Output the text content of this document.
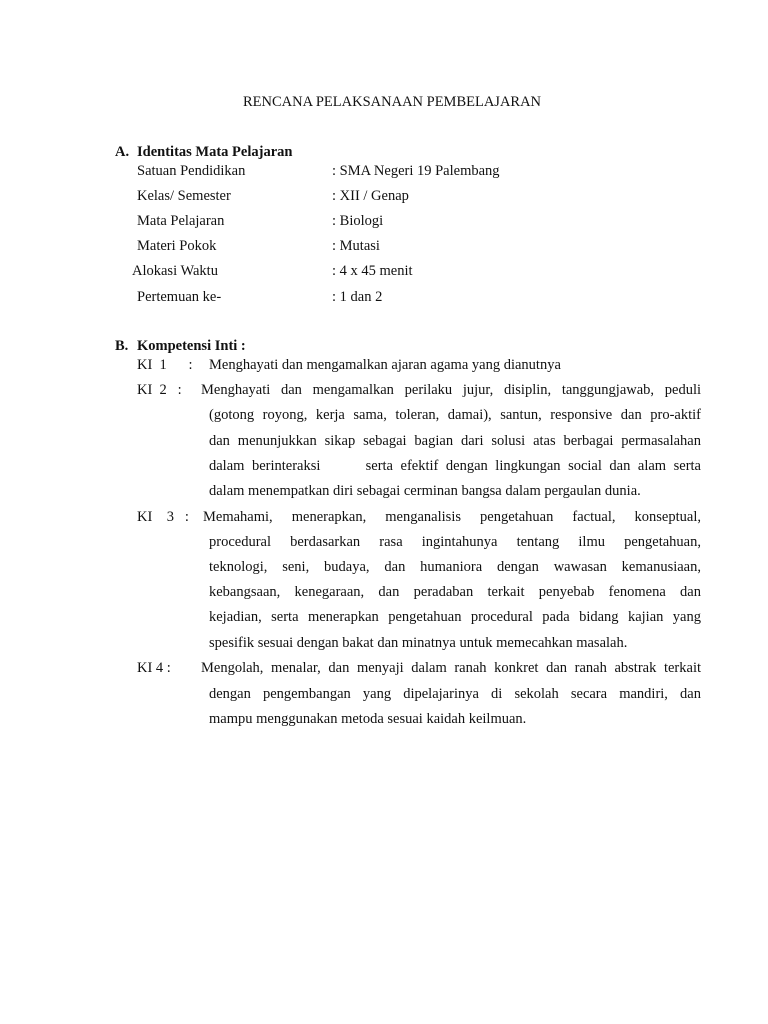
RENCANA PELAKSANAAN PEMBELAJARAN
A. Identitas Mata Pelajaran
Satuan Pendidikan	: SMA Negeri 19 Palembang
Kelas/ Semester	: XII / Genap
Mata Pelajaran	: Biologi
Materi Pokok	: Mutasi
Alokasi Waktu	: 4 x 45 menit
Pertemuan ke-	: 1 dan 2
B. Kompetensi Inti :
KI  1      : Menghayati dan mengamalkan ajaran agama yang dianutnya
KI  2   : Menghayati dan mengamalkan perilaku jujur, disiplin, tanggungjawab, peduli
(gotong royong, kerja sama, toleran, damai), santun, responsive dan pro-aktif
dan menunjukkan sikap sebagai bagian dari solusi atas berbagai permasalahan
dalam berinteraksi      serta efektif dengan lingkungan social dan alam serta
dalam menempatkan diri sebagai cerminan bangsa dalam pergaulan dunia.
KI    3   : Memahami, menerapkan, menganalisis pengetahuan factual, konseptual,
procedural berdasarkan rasa ingintahunya tentang ilmu pengetahuan,
teknologi, seni, budaya, dan humaniora dengan wawasan kemanusiaan,
kebangsaan, kenegaraan, dan peradaban terkait penyebab fenomena dan
kejadian, serta menerapkan pengetahuan procedural pada bidang kajian yang
spesifik sesuai dengan bakat dan minatnya untuk memecahkan masalah.
KI 4 : Mengolah, menalar, dan menyaji dalam ranah konkret dan ranah abstrak terkait
dengan pengembangan yang dipelajarinya di sekolah secara mandiri, dan
mampu menggunakan metoda sesuai kaidah keilmuan.
